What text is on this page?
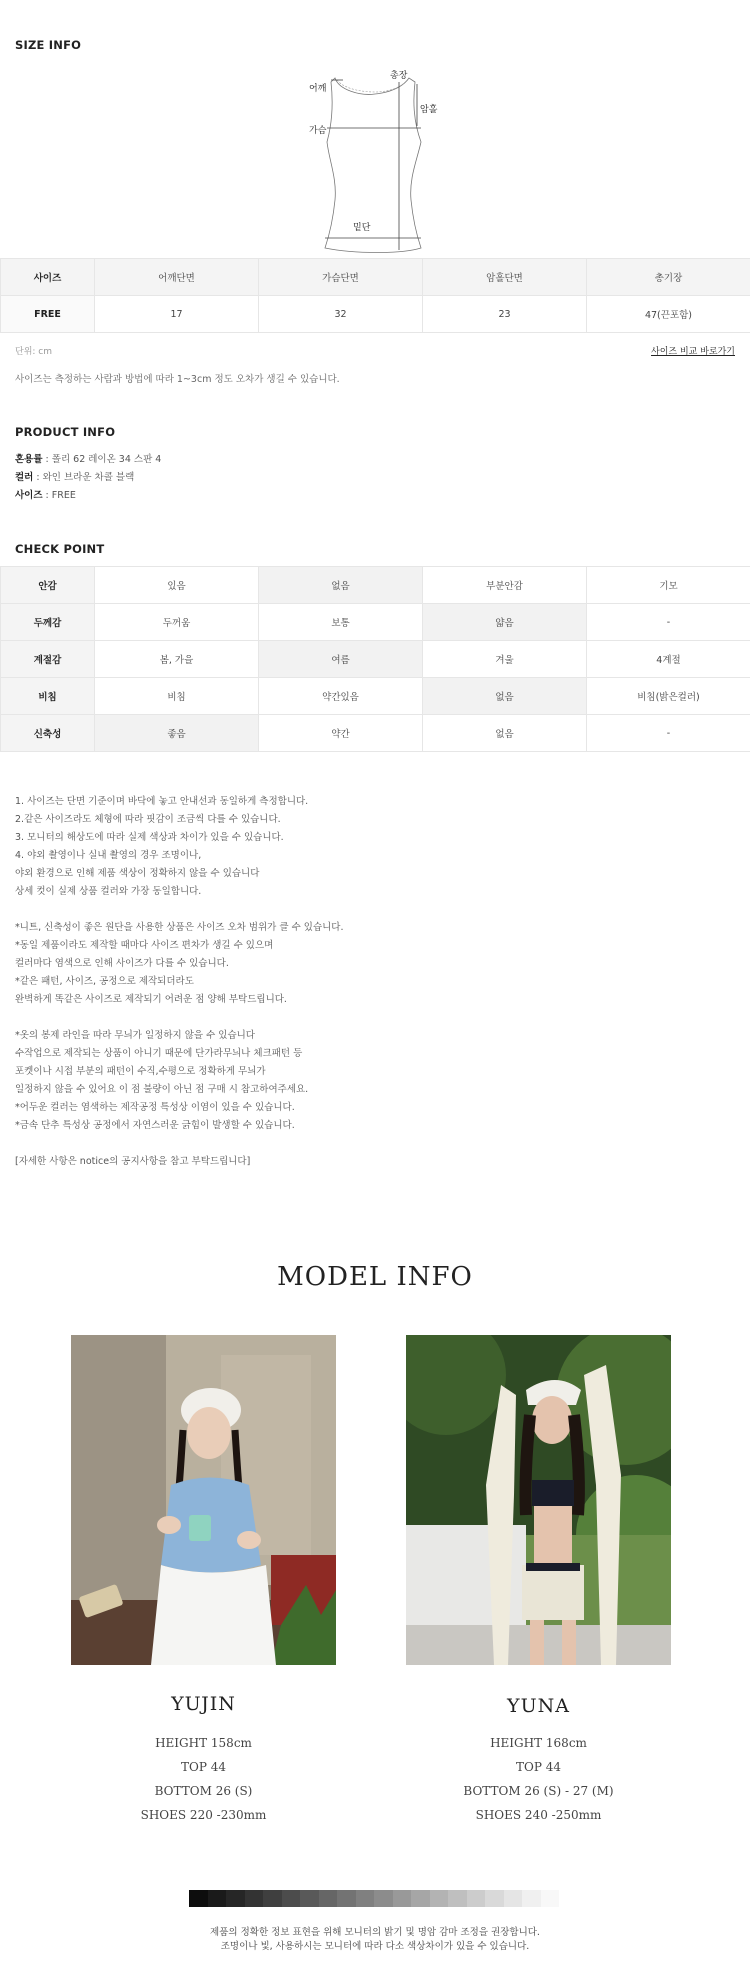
SIZE INFO
총장
어깨
암홀
가슴
밑단
사이즈	어깨단면	가슴단면	암홀단면	총기장
FREE	17	32	23	47(끈포함)
단위: cm	사이즈 비교 바로가기
사이즈는 측정하는 사람과 방법에 따라 1~3cm 정도 오차가 생길 수 있습니다.
PRODUCT INFO
혼용률 : 폴리 62 레이온 34 스판 4
컬러 : 와인 브라운 차콜 블랙
사이즈 : FREE
CHECK POINT
안감	있음	없음	부분안감	기모
두께감	두꺼움	보통	얇음	-
계절감	봄, 가을	여름	겨울	4계절
비침	비침	약간있음	없음	비침(밝은컬러)
신축성	좋음	약간	없음	-

1. 사이즈는 단면 기준이며 바닥에 놓고 안내선과 동일하게 측정합니다.

2.같은 사이즈라도 체형에 따라 핏감이 조금씩 다를 수 있습니다.

3. 모니터의 해상도에 따라 실제 색상과 차이가 있을 수 있습니다.

4. 야외 촬영이나 실내 촬영의 경우 조명이나,

야외 환경으로 인해 제품 색상이 정확하지 않을 수 있습니다

상세 컷이 실제 상품 컬러와 가장 동일합니다.

*니트, 신축성이 좋은 원단을 사용한 상품은 사이즈 오차 범위가 클 수 있습니다.

*동일 제품이라도 제작할 때마다 사이즈 편차가 생길 수 있으며

컬러마다 염색으로 인해 사이즈가 다를 수 있습니다.

*같은 패턴, 사이즈, 공정으로 제작되더라도

완벽하게 똑같은 사이즈로 제작되기 어려운 점 양해 부탁드립니다.

*옷의 봉제 라인을 따라 무늬가 일정하지 않을 수 있습니다

수작업으로 제작되는 상품이 아니기 때문에 단가라무늬나 체크패턴 등

포켓이나 시접 부분의 패턴이 수직,수평으로 정확하게 무늬가

일정하지 않을 수 있어요 이 점 불량이 아닌 점 구매 시 참고하여주세요.

*어두운 컬러는 염색하는 제작공정 특성상 이염이 있을 수 있습니다.

*금속 단추 특성상 공정에서 자연스러운 긁힘이 발생할 수 있습니다.

[자세한 사항은 notice의 공지사항을 참고 부탁드립니다]

MODEL INFO
YUJIN
HEIGHT 158cm
TOP 44
BOTTOM 26 (S)
SHOES 220 -230mm
YUNA
HEIGHT 168cm
TOP 44
BOTTOM 26 (S) - 27 (M)
SHOES 240 -250mm
제품의 정확한 정보 표현을 위해 모니터의 밝기 및 명암 감마 조정을 권장합니다.
조명이나 빛, 사용하시는 모니터에 따라 다소 색상차이가 있을 수 있습니다.
